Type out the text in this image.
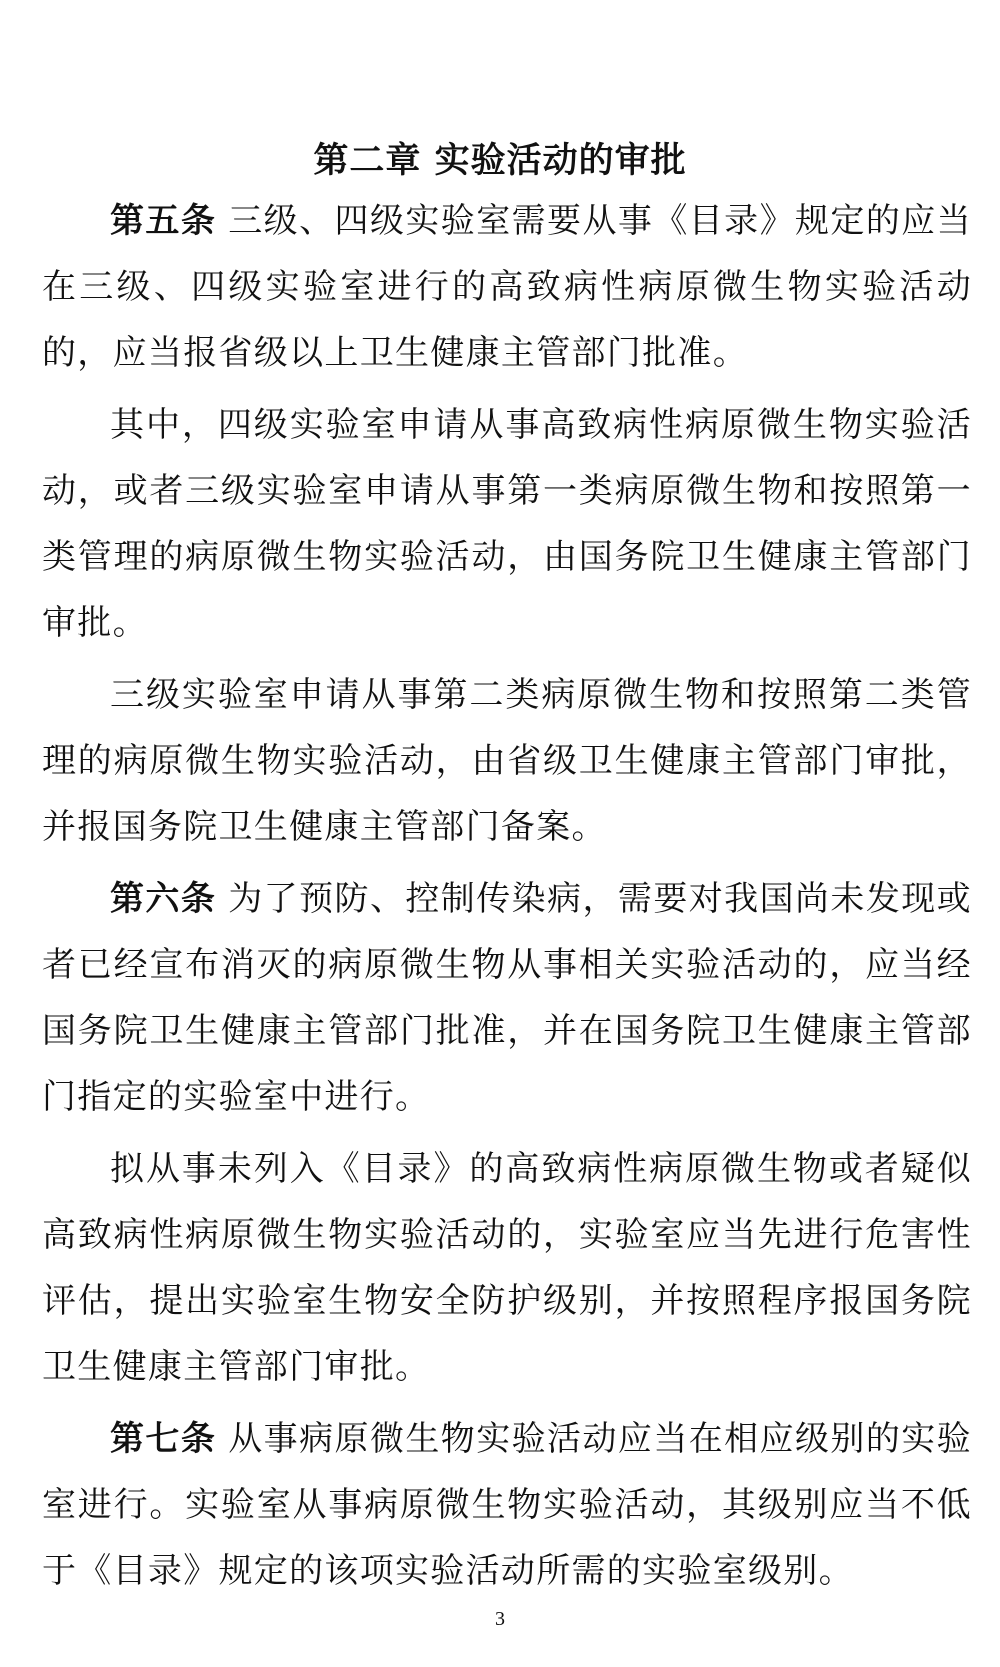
第二章 实验活动的审批

第五条 三级、四级实验室需要从事《目录》规定的应当在三级、四级实验室进行的高致病性病原微生物实验活动的，应当报省级以上卫生健康主管部门批准。

其中，四级实验室申请从事高致病性病原微生物实验活动，或者三级实验室申请从事第一类病原微生物和按照第一类管理的病原微生物实验活动，由国务院卫生健康主管部门审批。

三级实验室申请从事第二类病原微生物和按照第二类管理的病原微生物实验活动，由省级卫生健康主管部门审批，并报国务院卫生健康主管部门备案。

第六条 为了预防、控制传染病，需要对我国尚未发现或者已经宣布消灭的病原微生物从事相关实验活动的，应当经国务院卫生健康主管部门批准，并在国务院卫生健康主管部门指定的实验室中进行。

拟从事未列入《目录》的高致病性病原微生物或者疑似高致病性病原微生物实验活动的，实验室应当先进行危害性评估，提出实验室生物安全防护级别，并按照程序报国务院卫生健康主管部门审批。

第七条 从事病原微生物实验活动应当在相应级别的实验室进行。实验室从事病原微生物实验活动，其级别应当不低于《目录》规定的该项实验活动所需的实验室级别。

3
